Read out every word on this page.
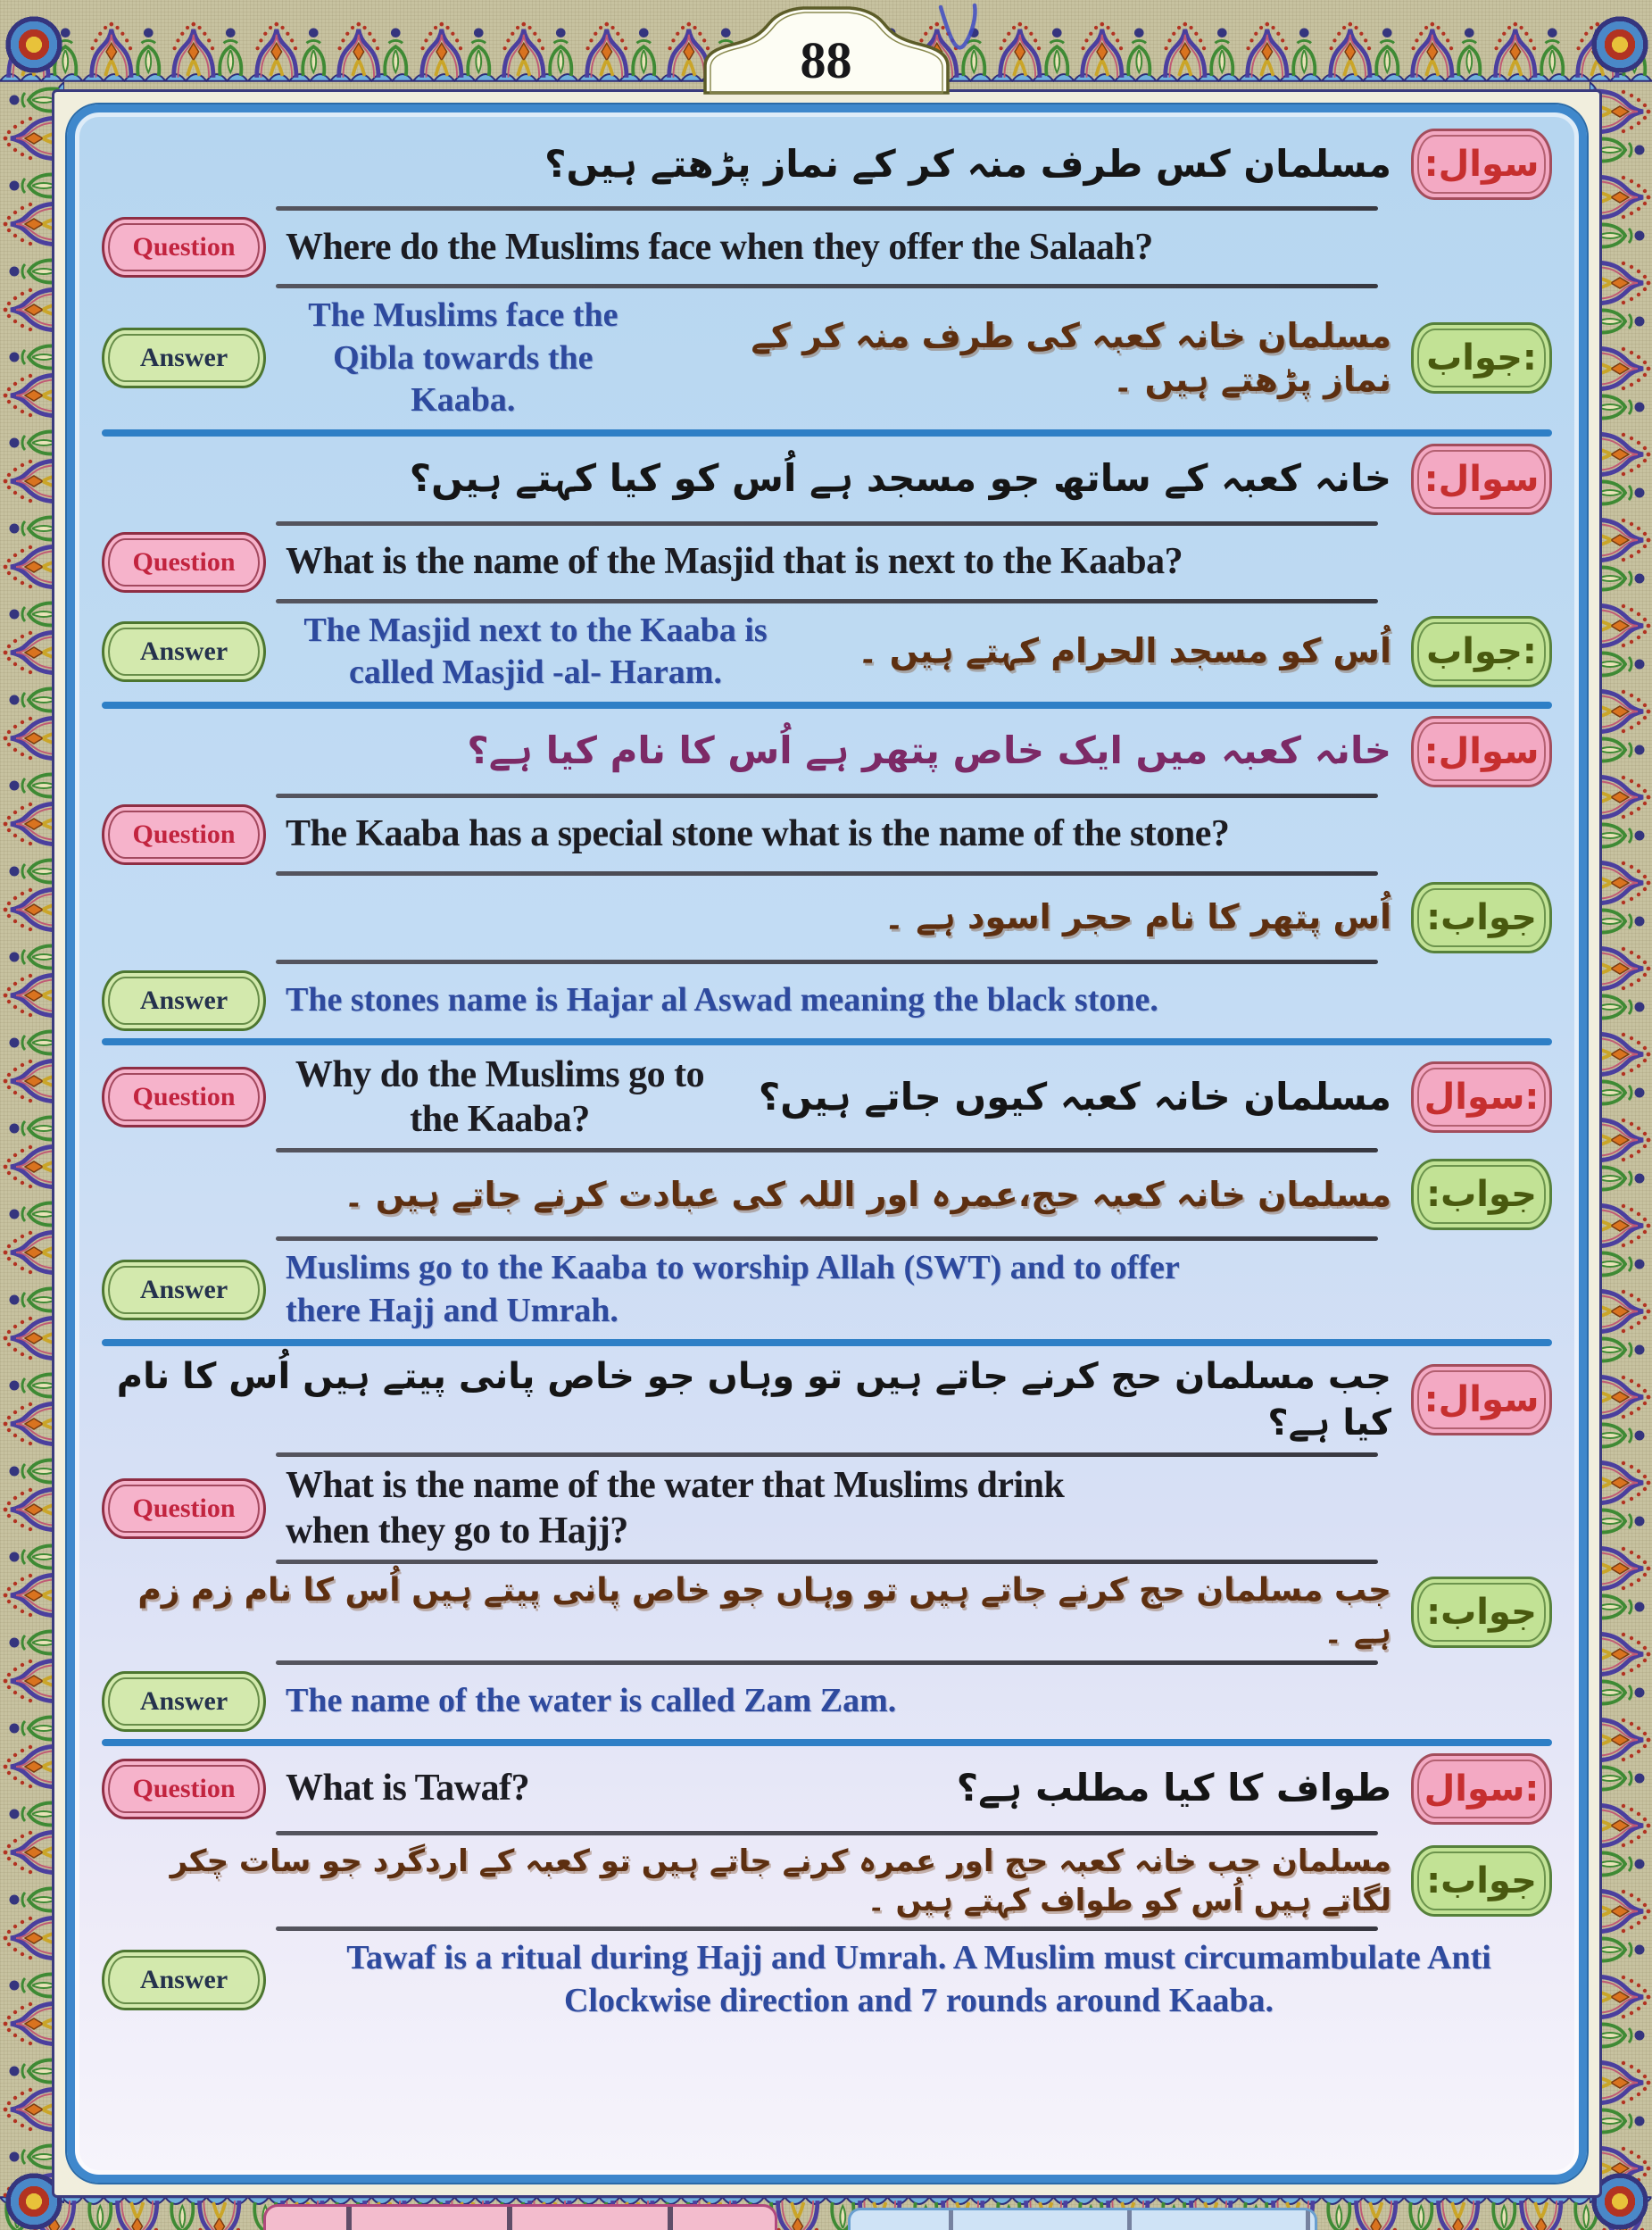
88
سوال:
مسلمان کس طرف منہ کر کے نماز پڑھتے ہیں؟
Question Where do the Muslims face when they offer the Salaah?
Answer
The Muslims face the Qibla towards the Kaaba.
مسلمان خانہ کعبہ کی طرف منہ کر کے نماز پڑھتے ہیں ۔
جواب:
سوال:
خانہ کعبہ کے ساتھ جو مسجد ہے اُس کو کیا کہتے ہیں؟
Question What is the name of the Masjid that is next to the Kaaba?
Answer
The Masjid next to the Kaaba is called Masjid -al- Haram.
اُس کو مسجد الحرام کہتے ہیں ۔ جواب:
سوال:
خانہ کعبہ میں ایک خاص پتھر ہے اُس کا نام کیا ہے؟
Question The Kaaba has a special stone what is the name of the stone?
جواب:
اُس پتھر کا نام حجر اسود ہے ۔
Answer The stones name is Hajar al Aswad meaning the black stone.
Question
Why do the Muslims go to the Kaaba?
مسلمان خانہ کعبہ کیوں جاتے ہیں؟ سوال:
جواب:
مسلمان خانہ کعبہ حج،عمرہ اور اللہ کی عبادت کرنے جاتے ہیں ۔
Answer
Muslims go to the Kaaba to worship Allah (SWT) and to offer there Hajj and Umrah.
سوال:
جب مسلمان حج کرنے جاتے ہیں تو وہاں جو خاص پانی پیتے ہیں اُس کا نام کیا ہے؟
Question
What is the name of the water that Muslims drink when they go to Hajj?
جواب:
جب مسلمان حج کرنے جاتے ہیں تو وہاں جو خاص پانی پیتے ہیں اُس کا نام زم زم ہے ۔
Answer The name of the water is called Zam Zam.
Question What is Tawaf?	طواف کا کیا مطلب ہے؟ سوال:
جواب:
مسلمان جب خانہ کعبہ حج اور عمرہ کرنے جاتے ہیں تو کعبہ کے اردگرد جو سات چکر لگاتے ہیں اُس کو طواف کہتے ہیں ۔
Answer
Tawaf is a ritual during Hajj and Umrah. A Muslim must circumambulate Anti Clockwise direction and 7 rounds around Kaaba.
